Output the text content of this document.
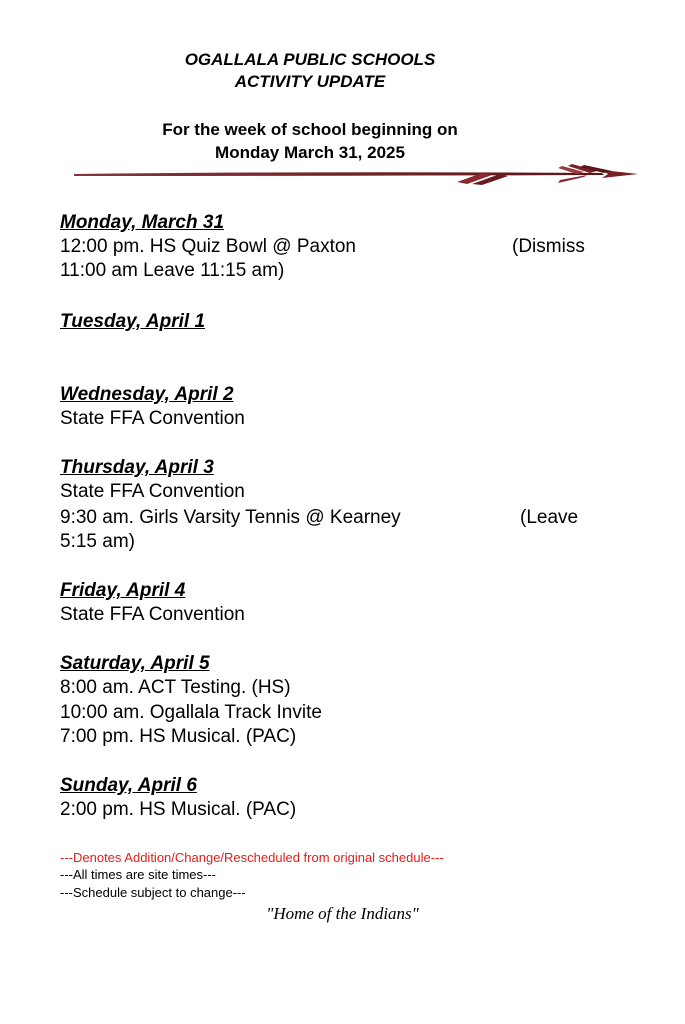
OGALLALA PUBLIC SCHOOLS
ACTIVITY UPDATE
For the week of school beginning on
Monday March 31, 2025
Monday, March 31
12:00 pm. HS Quiz Bowl @ Paxton	(Dismiss
11:00 am Leave 11:15 am)
Tuesday, April 1
Wednesday, April 2
State FFA Convention
Thursday, April 3
State FFA Convention
9:30 am. Girls Varsity Tennis @ Kearney	(Leave
5:15 am)
Friday, April 4
State FFA Convention
Saturday, April 5
8:00 am. ACT Testing. (HS)
10:00 am. Ogallala Track Invite
7:00 pm. HS Musical. (PAC)
Sunday, April 6
2:00 pm. HS Musical. (PAC)
---Denotes Addition/Change/Rescheduled from original schedule---
---All times are site times---
---Schedule subject to change---
"Home of the Indians"
